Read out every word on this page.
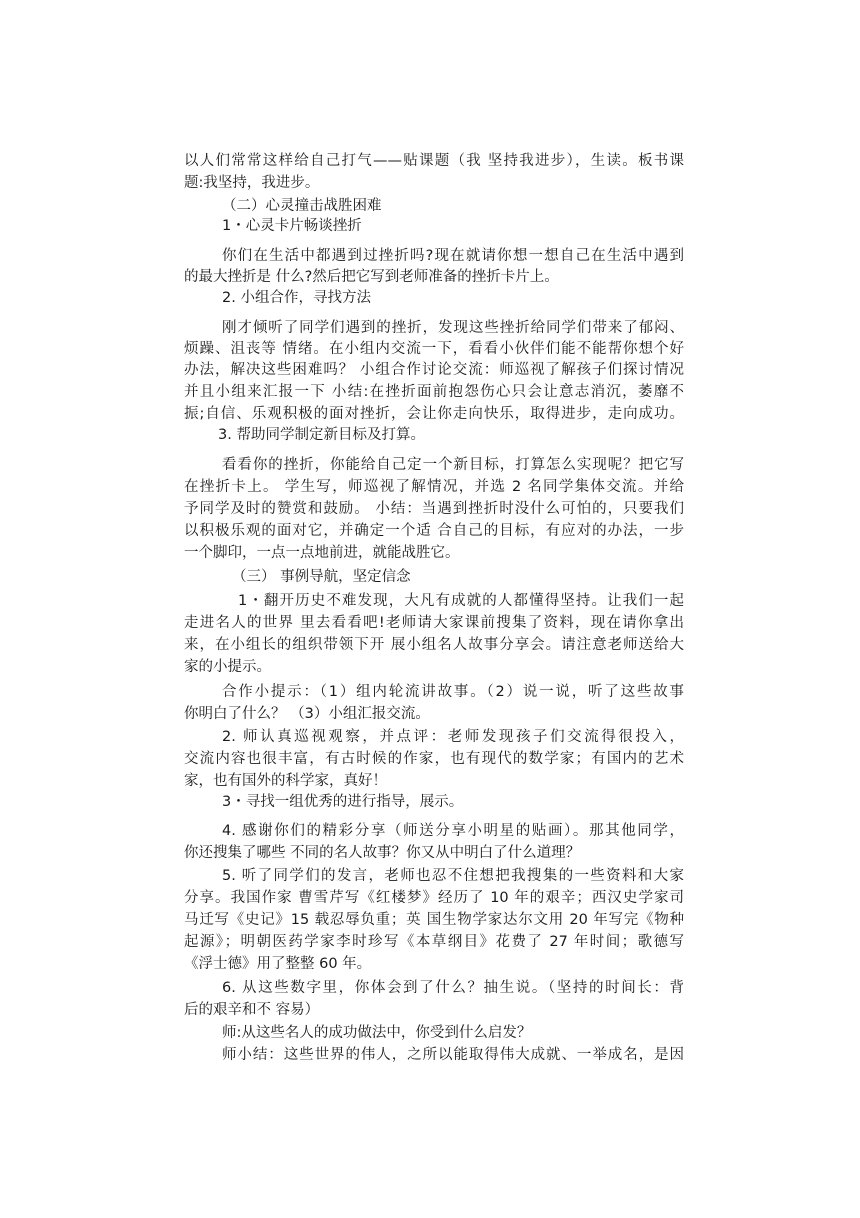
以人们常常这样给自己打气——贴课题（我 坚持我进步），生读。板书课
题:我坚持，我进步。
（二）心灵撞击战胜困难
1・心灵卡片畅谈挫折
你们在生活中都遇到过挫折吗?现在就请你想一想自己在生活中遇到
的最大挫折是 什么?然后把它写到老师准备的挫折卡片上。
2. 小组合作，寻找方法
刚才倾听了同学们遇到的挫折，发现这些挫折给同学们带来了郁闷、
烦躁、沮丧等 情绪。在小组内交流一下，看看小伙伴们能不能帮你想个好
办法，解决这些困难吗？ 小组合作讨论交流：师巡视了解孩子们探讨情况
并且小组来汇报一下 小结:在挫折面前抱怨伤心只会让意志消沉，萎靡不
振;自信、乐观积极的面对挫折，会让你走向快乐，取得进步，走向成功。
3. 帮助同学制定新目标及打算。
看看你的挫折，你能给自己定一个新目标，打算怎么实现呢？把它写
在挫折卡上。 学生写，师巡视了解情况，并选 2 名同学集体交流。并给
予同学及时的赞赏和鼓励。 小结：当遇到挫折时没什么可怕的，只要我们
以积极乐观的面对它，并确定一个适 合自己的目标，有应对的办法，一步
一个脚印，一点一点地前进，就能战胜它。
（三） 事例导航，坚定信念
1・翻开历史不难发现，大凡有成就的人都懂得坚持。让我们一起
走进名人的世界 里去看看吧!老师请大家课前搜集了资料，现在请你拿出
来，在小组长的组织带领下开 展小组名人故事分享会。请注意老师送给大
家的小提示。
合作小提示：（1）组内轮流讲故事。（2）说一说，听了这些故事
你明白了什么？ （3）小组汇报交流。
2. 师认真巡视观察，并点评：老师发现孩子们交流得很投入，
交流内容也很丰富，有古时候的作家，也有现代的数学家；有国内的艺术
家，也有国外的科学家，真好！
3・寻找一组优秀的进行指导，展示。
4. 感谢你们的精彩分享（师送分享小明星的贴画）。那其他同学，
你还搜集了哪些 不同的名人故事？你又从中明白了什么道理？
5. 听了同学们的发言，老师也忍不住想把我搜集的一些资料和大家
分享。我国作家 曹雪芹写《红楼梦》经历了 10 年的艰辛；西汉史学家司
马迁写《史记》15 载忍辱负重；英 国生物学家达尔文用 20 年写完《物种
起源》；明朝医药学家李时珍写《本草纲目》花费了 27 年时间；歌德写
《浮士德》用了整整 60 年。
6. 从这些数字里，你体会到了什么？抽生说。（坚持的时间长：背
后的艰辛和不 容易）
师:从这些名人的成功做法中，你受到什么启发？
师小结：这些世界的伟人，之所以能取得伟大成就、一举成名，是因
